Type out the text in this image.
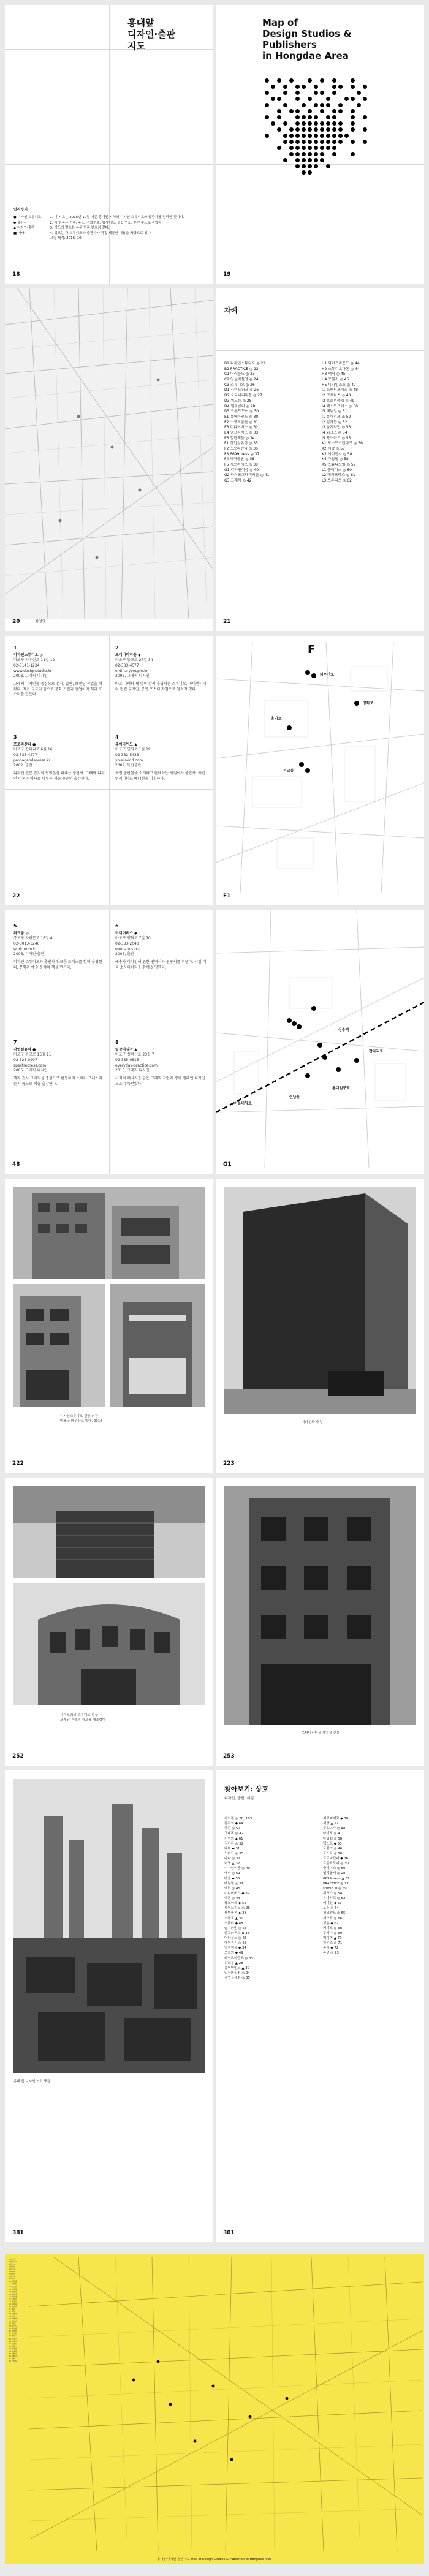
홍대앞
디자인·출판
지도
일러두기
● 디자인 스튜디오
◆ 출판사
▲ 디자인·출판
■ 기타
1. 이 지도는 2016년 10월 기준 홍대앞 지역의 디자인 스튜디오와 출판사를 정리한 것이다.
2. 각 항목은 이름, 주소, 전화번호, 웹사이트, 설립 연도, 분야 순으로 적었다.
3. 지도의 번호는 본문 항목 번호와 같다.
4. 정보는 각 스튜디오와 출판사가 직접 제공한 내용을 바탕으로 했다.
그림 제작: 2016. 10
18
Map of
Design Studios &
Publishers
in Hongdae Area
19
합정역
20
차례
B1 디자인스튜디오 ◎ 22
B2 PRACTICE ◎ 22
C1 어라운드 ◎ 23
C2 일상의실천 ◎ 24
C3 스튜디오 ◎ 26
D1 사이드워크 ◎ 26
D2 오디너리피플 ◎ 27
D3 워크룸 ◎ 28
D4 헬리콥터 ◎ 28
D5 프론트도어 ◎ 30
E1 유어마인드 ◎ 30
E2 소규모출판 ◎ 31
E3 미디어버스 ◎ 32
E4 안그라픽스 ◎ 33
E5 열린책들 ◎ 34
F1 작업실유령 ◎ 35
F2 프로파간다 ◎ 36
F3 6699press ◎ 37
F4 세미콜론 ◎ 38
F5 제로퍼제로 ◎ 38
G1 디자인이음 ◎ 40
G2 타이포그래피서울 ◎ 41
G3 그래픽 ◎ 42
H1 와이트라운드 ◎ 44
H2 스튜디오바톤 ◎ 44
H3 맥락 ◎ 45
H4 포뮬러 ◎ 46
H5 디자인소호 ◎ 47
I1 스펙터프레스 ◎ 48
I2 코우너스 ◎ 48
I3 오늘의풍경 ◎ 49
I4 텍스트프레스 ◎ 50
I5 매뉴얼 ◎ 51
J1 유어서프 ◎ 52
J2 김가든 ◎ 52
J3 슬기와민 ◎ 53
J4 워크스 ◎ 54
J5 북노마드 ◎ 55
K1 포스트스탠다즈 ◎ 56
K2 책방 ◎ 57
K3 에이전시 ◎ 58
K4 타입랩 ◎ 58
K5 스튜디오엠 ◎ 59
L1 플레이스 ◎ 60
L2 레터프레스 ◎ 61
L3 스튜디오 ◎ 62
21
1
디자인스튜디오 ◎
마포구 와우산로 11길 12
02-3141-1234
www.designstudio.kr
2008, 그래픽 디자인
그래픽 디자인을 중심으로 전시, 출판, 브랜딩 작업을 해 왔다. 작은 규모의 팀으로 문화 기관과 협업하며 책과 포스터를 만든다.
2
오디너리피플 ◆
마포구 동교로 27길 34
02-333-4577
ordinarypeople.kr
2006, 그래픽 디자인
아트 디렉터 세 명이 함께 운영하는 스튜디오. 아이덴티티와 편집 디자인, 공연 포스터 작업으로 알려져 있다.
3
프로파간다 ●
마포구 잔다리로 6길 16
02-335-4277
propagandapress.kr
2002, 출판
디자인 전문 잡지와 단행본을 펴내는 출판사. 그래픽 디자인 이론과 역사를 다루는 책을 꾸준히 출간한다.
4
유어마인드 ▲
마포구 연희로 1길 19
02-332-5433
your-mind.com
2009, 독립출판
독립 출판물을 소개하고 판매하는 서점이자 출판사. 매년 언리미티드 에디션을 기획한다.
22
F
와우산로
홍익로
양화로
서교동
F1
5
워크룸 ◎
종로구 자하문로 16길 4
02-6013-3246
workroom.kr
2006, 디자인·출판
디자인 스튜디오와 출판사 워크룸 프레스를 함께 운영한다. 문학과 예술 분야의 책을 만든다.
6
미디어버스 ◆
마포구 양화로 7길 70
02-333-2040
mediabus.org
2007, 출판
예술과 디자인에 관한 번역서와 연구서를 펴낸다. 서점 더 북 소사이어티를 함께 운영한다.
7
작업실유령 ●
마포구 동교로 15길 11
02-325-0907
spectrepress.com
2005, 그래픽 디자인
책과 전시 그래픽을 중심으로 활동하며 스펙터 프레스라는 이름으로 책을 출간한다.
8
일상의실천 ▲
마포구 성미산로 23길 7
02-335-0815
everyday-practice.com
2013, 그래픽 디자인
사회적 메시지를 담은 그래픽 작업과 정치 캠페인 디자인으로 주목받았다.
48
상수역
홍대입구역
잔다리로
어울마당로
연남동
G1
디자인스튜디오 건물 외관
마포구 와우산로 일대, 2016
222
어라운드 사옥
223
사이드워크 스튜디오 입구
오래된 건물의 창고를 개조했다
252
오디너리피플 작업실 건물
253
홍대 앞 디자인 거리 풍경
381
찾아보기: 상호
디자인, 출판, 서점
가가린 ◎ 28, 103
감각의 ◆ 44
공간 ◎ 52
그래픽 ◎ 42
기억의 ▲ 61
김가든 ◎ 52
나비 ◆ 31
노마드 ◎ 55
다다 ◎ 37
더북 ▲ 32
디자인이음 ◎ 40
레터 ◎ 61
마음 ◆ 30
매뉴얼 ◎ 51
맥락 ◎ 45
미디어버스 ◆ 32
바톤 ◎ 44
북노마드 ◆ 55
사이드워크 ◎ 26
세미콜론 ◆ 38
소규모 ▲ 31
스펙터 ◆ 48
슬기와민 ◎ 53
안그라픽스 ◆ 33
어라운드 ◎ 23
에이전시 ◎ 58
열린책들 ◆ 34
오늘의 ◆ 49
와이트라운드 ◎ 44
워크룸 ▲ 28
유어마인드 ▲ 30
일상의실천 ◎ 24
작업실유령 ◎ 35
제로퍼제로 ◆ 38
책방 ▲ 57
코우너스 ◎ 48
타이포 ◎ 41
타입랩 ◎ 58
텍스트 ◆ 50
포뮬러 ◎ 46
포스트 ◎ 56
프로파간다 ◆ 36
프론트도어 ◎ 30
플레이스 ◎ 60
헬리콥터 ◎ 28
6699press ▲ 37
PRACTICE ◎ 22
studio M ◎ 59
워크스 ◎ 54
유어서프 ◎ 52
에디션 ◆ 63
오픈 ◎ 64
위크엔드 ◎ 65
저스트 ◎ 66
청춘 ◆ 67
커넥트 ◎ 68
투게더 ◎ 69
페이퍼 ▲ 70
하우스 ◎ 71
홍대 ◆ 72
휴먼 ◎ 73
301
1 디자인
2 오디너리
3 프로파
4 유어마
5 워크룸
6 미디어
7 작업실
8 일상의
9 사이드
10 헬리콥
11 프론트
12 소규모
13 안그라
14 열린책
15 세미콜
16 제로퍼
17 디자인
18 타이포
19 그래픽
20 와이트
21 바톤
22 맥락
23 포뮬러
24 소호
25 스펙터
26 코우너
27 풍경
28 텍스트
29 매뉴얼
30 유어서
31 김가든
32 슬기
33 워크스
34 노마드
35 포스트
36 책방
37 에이전
38 타입랩
39 스튜디
40 플레이
41 레터
42 스튜디
홍대앞 디자인·출판 지도 Map of Design Studios & Publishers in Hongdae Area
